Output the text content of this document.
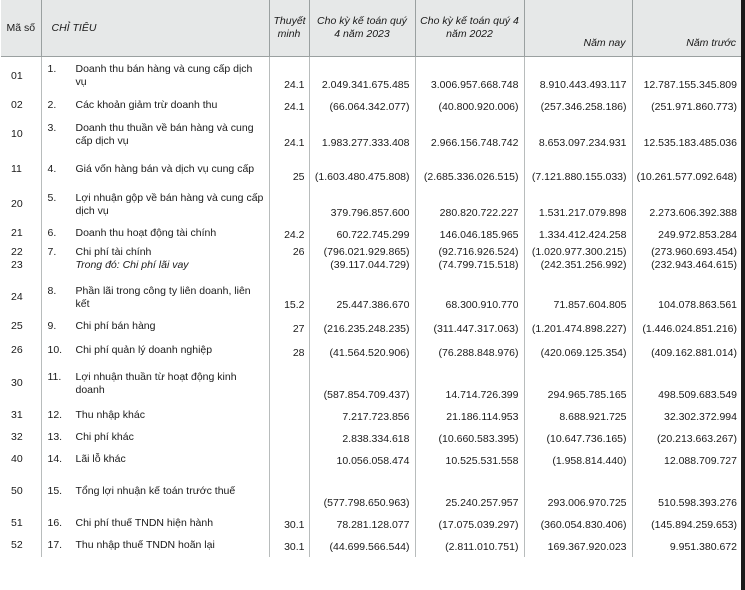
Mã số	CHỈ TIÊU	Thuyết minh	Cho kỳ kế toán quý 4 năm 2023	Cho kỳ kế toán quý 4 năm 2022	Năm nay	Năm trước
01	1. Doanh thu bán hàng và cung cấp dịch vụ	24.1	2.049.341.675.485	3.006.957.668.748	8.910.443.493.117	12.787.155.345.809
02	2. Các khoản giảm trừ doanh thu	24.1	(66.064.342.077)	(40.800.920.006)	(257.346.258.186)	(251.971.860.773)
10	3. Doanh thu thuần về bán hàng và cung cấp dịch vụ	24.1	1.983.277.333.408	2.966.156.748.742	8.653.097.234.931	12.535.183.485.036
11	4. Giá vốn hàng bán và dịch vụ cung cấp	25	(1.603.480.475.808)	(2.685.336.026.515)	(7.121.880.155.033)	(10.261.577.092.648)
20	5. Lợi nhuận gộp về bán hàng và cung cấp dịch vụ		379.796.857.600	280.820.722.227	1.531.217.079.898	2.273.606.392.388
21	6. Doanh thu hoạt động tài chính	24.2	60.722.745.299	146.046.185.965	1.334.412.424.258	249.972.853.284
22	7. Chi phí tài chính	26	(796.021.929.865)	(92.716.926.524)	(1.020.977.300.215)	(273.960.693.454)
23	Trong đó: Chi phí lãi vay		(39.117.044.729)	(74.799.715.518)	(242.351.256.992)	(232.943.464.615)
24	8. Phần lãi trong công ty liên doanh, liên kết	15.2	25.447.386.670	68.300.910.770	71.857.604.805	104.078.863.561
25	9. Chi phí bán hàng	27	(216.235.248.235)	(311.447.317.063)	(1.201.474.898.227)	(1.446.024.851.216)
26	10. Chi phí quản lý doanh nghiệp	28	(41.564.520.906)	(76.288.848.976)	(420.069.125.354)	(409.162.881.014)
30	11. Lợi nhuận thuần từ hoạt động kinh doanh		(587.854.709.437)	14.714.726.399	294.965.785.165	498.509.683.549
31	12. Thu nhập khác		7.217.723.856	21.186.114.953	8.688.921.725	32.302.372.994
32	13. Chi phí khác		2.838.334.618	(10.660.583.395)	(10.647.736.165)	(20.213.663.267)
40	14. Lãi lỗ khác		10.056.058.474	10.525.531.558	(1.958.814.440)	12.088.709.727
50	15. Tổng lợi nhuận kế toán trước thuế		(577.798.650.963)	25.240.257.957	293.006.970.725	510.598.393.276
51	16. Chi phí thuế TNDN hiện hành	30.1	78.281.128.077	(17.075.039.297)	(360.054.830.406)	(145.894.259.653)
52	17. Thu nhập thuế TNDN hoãn lại	30.1	(44.699.566.544)	(2.811.010.751)	169.367.920.023	9.951.380.672
